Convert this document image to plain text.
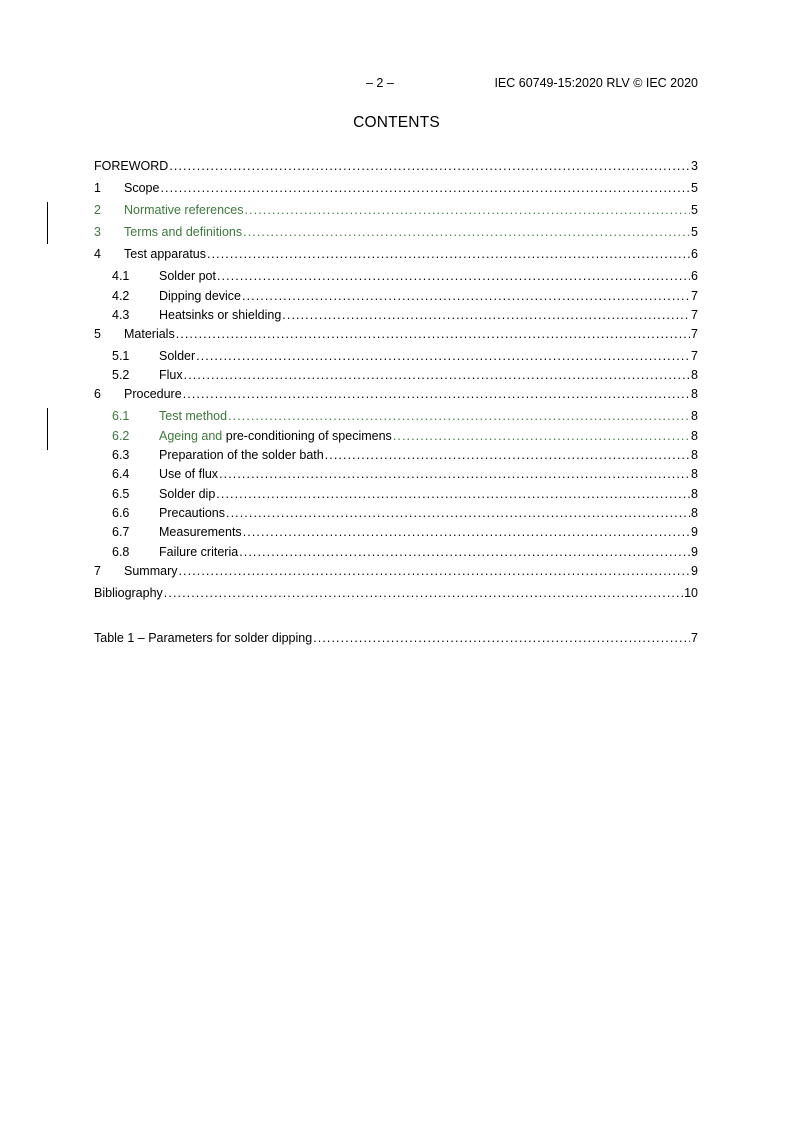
– 2 –	IEC 60749-15:2020 RLV © IEC 2020
CONTENTS
FOREWORD .....	3
1	Scope .....	5
2	Normative references .....	5
3	Terms and definitions .....	5
4	Test apparatus .....	6
4.1	Solder pot .....	6
4.2	Dipping device .....	7
4.3	Heatsinks or shielding .....	7
5	Materials .....	7
5.1	Solder .....	7
5.2	Flux .....	8
6	Procedure .....	8
6.1	Test method .....	8
6.2	Ageing and pre-conditioning of specimens .....	8
6.3	Preparation of the solder bath .....	8
6.4	Use of flux .....	8
6.5	Solder dip .....	8
6.6	Precautions .....	8
6.7	Measurements .....	9
6.8	Failure criteria .....	9
7	Summary .....	9
Bibliography .....	10
Table 1 – Parameters for solder dipping .....	7
